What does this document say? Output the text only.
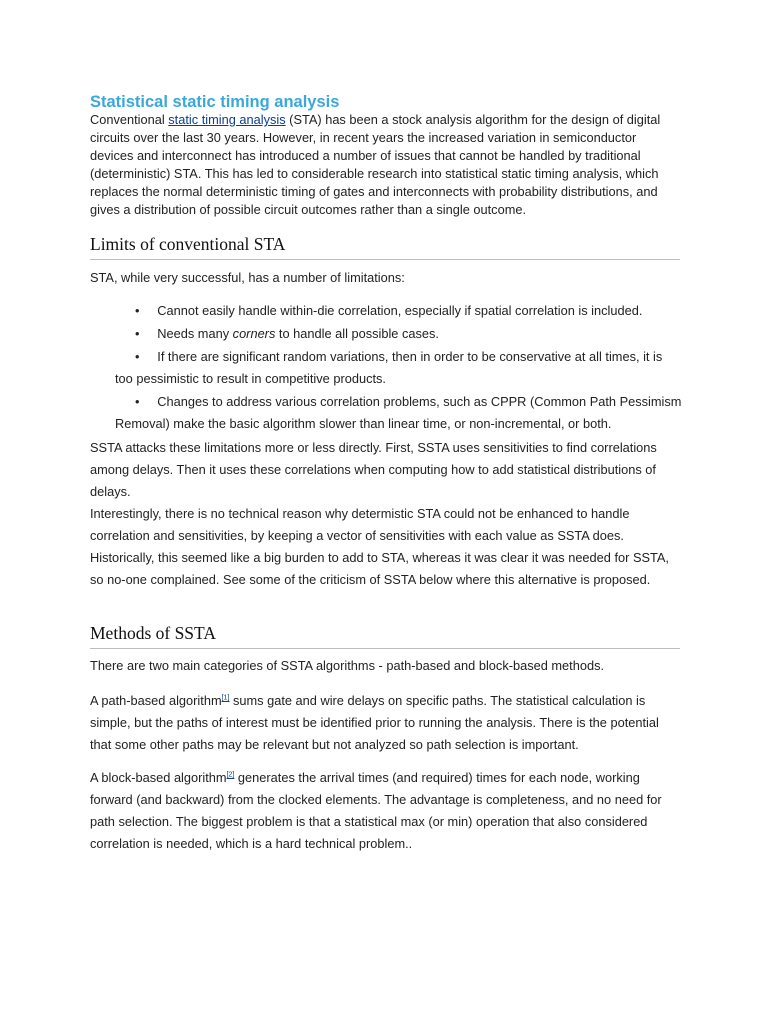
Statistical static timing analysis

Conventional static timing analysis (STA) has been a stock analysis algorithm for the design of digital circuits over the last 30 years. However, in recent years the increased variation in semiconductor devices and interconnect has introduced a number of issues that cannot be handled by traditional (deterministic) STA. This has led to considerable research into statistical static timing analysis, which replaces the normal deterministic timing of gates and interconnects with probability distributions, and gives a distribution of possible circuit outcomes rather than a single outcome.

Limits of conventional STA

STA, while very successful, has a number of limitations:

• Cannot easily handle within-die correlation, especially if spatial correlation is included.
• Needs many corners to handle all possible cases.
• If there are significant random variations, then in order to be conservative at all times, it is too pessimistic to result in competitive products.
• Changes to address various correlation problems, such as CPPR (Common Path Pessimism Removal) make the basic algorithm slower than linear time, or non-incremental, or both.

SSTA attacks these limitations more or less directly. First, SSTA uses sensitivities to find correlations among delays. Then it uses these correlations when computing how to add statistical distributions of delays.

Interestingly, there is no technical reason why determistic STA could not be enhanced to handle correlation and sensitivities, by keeping a vector of sensitivities with each value as SSTA does. Historically, this seemed like a big burden to add to STA, whereas it was clear it was needed for SSTA, so no-one complained. See some of the criticism of SSTA below where this alternative is proposed.

Methods of SSTA

There are two main categories of SSTA algorithms - path-based and block-based methods.

A path-based algorithm[1] sums gate and wire delays on specific paths. The statistical calculation is simple, but the paths of interest must be identified prior to running the analysis. There is the potential that some other paths may be relevant but not analyzed so path selection is important.

A block-based algorithm[2] generates the arrival times (and required) times for each node, working forward (and backward) from the clocked elements. The advantage is completeness, and no need for path selection. The biggest problem is that a statistical max (or min) operation that also considered correlation is needed, which is a hard technical problem..
